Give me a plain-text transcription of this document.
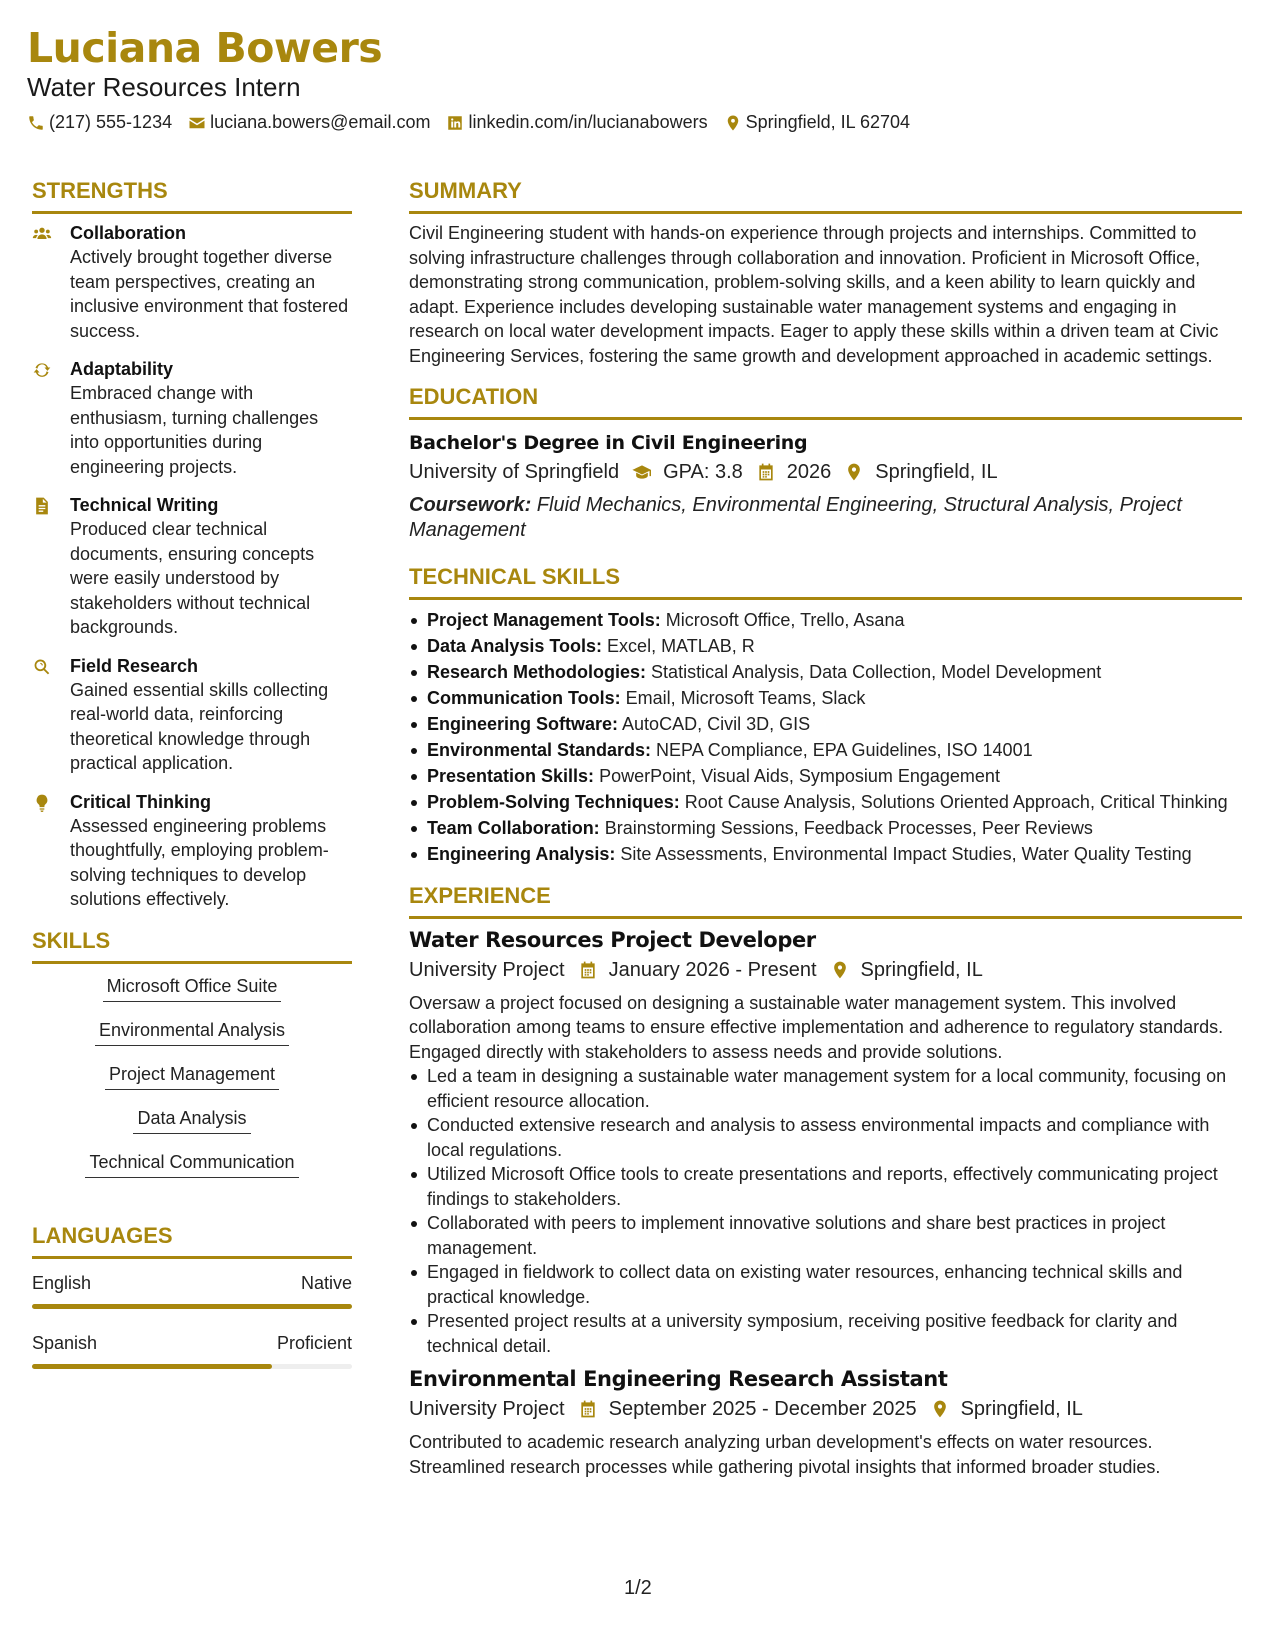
Luciana Bowers
Water Resources Intern
(217) 555-1234 luciana.bowers@email.com linkedin.com/in/lucianabowers Springfield, IL 62704
STRENGTHS
Collaboration
Actively brought together diverse team perspectives, creating an inclusive environment that fostered success.
Adaptability
Embraced change with enthusiasm, turning challenges into opportunities during engineering projects.
Technical Writing
Produced clear technical documents, ensuring concepts were easily understood by stakeholders without technical backgrounds.
Field Research
Gained essential skills collecting real-world data, reinforcing theoretical knowledge through practical application.
Critical Thinking
Assessed engineering problems thoughtfully, employing problem-solving techniques to develop solutions effectively.
SKILLS
Microsoft Office Suite
Environmental Analysis
Project Management
Data Analysis
Technical Communication
LANGUAGES
English	Native
Spanish	Proficient
SUMMARY
Civil Engineering student with hands-on experience through projects and internships. Committed to solving infrastructure challenges through collaboration and innovation. Proficient in Microsoft Office, demonstrating strong communication, problem-solving skills, and a keen ability to learn quickly and adapt. Experience includes developing sustainable water management systems and engaging in research on local water development impacts. Eager to apply these skills within a driven team at Civic Engineering Services, fostering the same growth and development approached in academic settings.
EDUCATION
Bachelor's Degree in Civil Engineering
University of Springfield GPA: 3.8 2026 Springfield, IL
Coursework: Fluid Mechanics, Environmental Engineering, Structural Analysis, Project Management
TECHNICAL SKILLS
Project Management Tools: Microsoft Office, Trello, Asana
Data Analysis Tools: Excel, MATLAB, R
Research Methodologies: Statistical Analysis, Data Collection, Model Development
Communication Tools: Email, Microsoft Teams, Slack
Engineering Software: AutoCAD, Civil 3D, GIS
Environmental Standards: NEPA Compliance, EPA Guidelines, ISO 14001
Presentation Skills: PowerPoint, Visual Aids, Symposium Engagement
Problem-Solving Techniques: Root Cause Analysis, Solutions Oriented Approach, Critical Thinking
Team Collaboration: Brainstorming Sessions, Feedback Processes, Peer Reviews
Engineering Analysis: Site Assessments, Environmental Impact Studies, Water Quality Testing
EXPERIENCE
Water Resources Project Developer
University Project January 2026 - Present Springfield, IL
Oversaw a project focused on designing a sustainable water management system. This involved collaboration among teams to ensure effective implementation and adherence to regulatory standards. Engaged directly with stakeholders to assess needs and provide solutions.
Led a team in designing a sustainable water management system for a local community, focusing on efficient resource allocation.
Conducted extensive research and analysis to assess environmental impacts and compliance with local regulations.
Utilized Microsoft Office tools to create presentations and reports, effectively communicating project findings to stakeholders.
Collaborated with peers to implement innovative solutions and share best practices in project management.
Engaged in fieldwork to collect data on existing water resources, enhancing technical skills and practical knowledge.
Presented project results at a university symposium, receiving positive feedback for clarity and technical detail.
Environmental Engineering Research Assistant
University Project September 2025 - December 2025 Springfield, IL
Contributed to academic research analyzing urban development's effects on water resources. Streamlined research processes while gathering pivotal insights that informed broader studies.
1/2
